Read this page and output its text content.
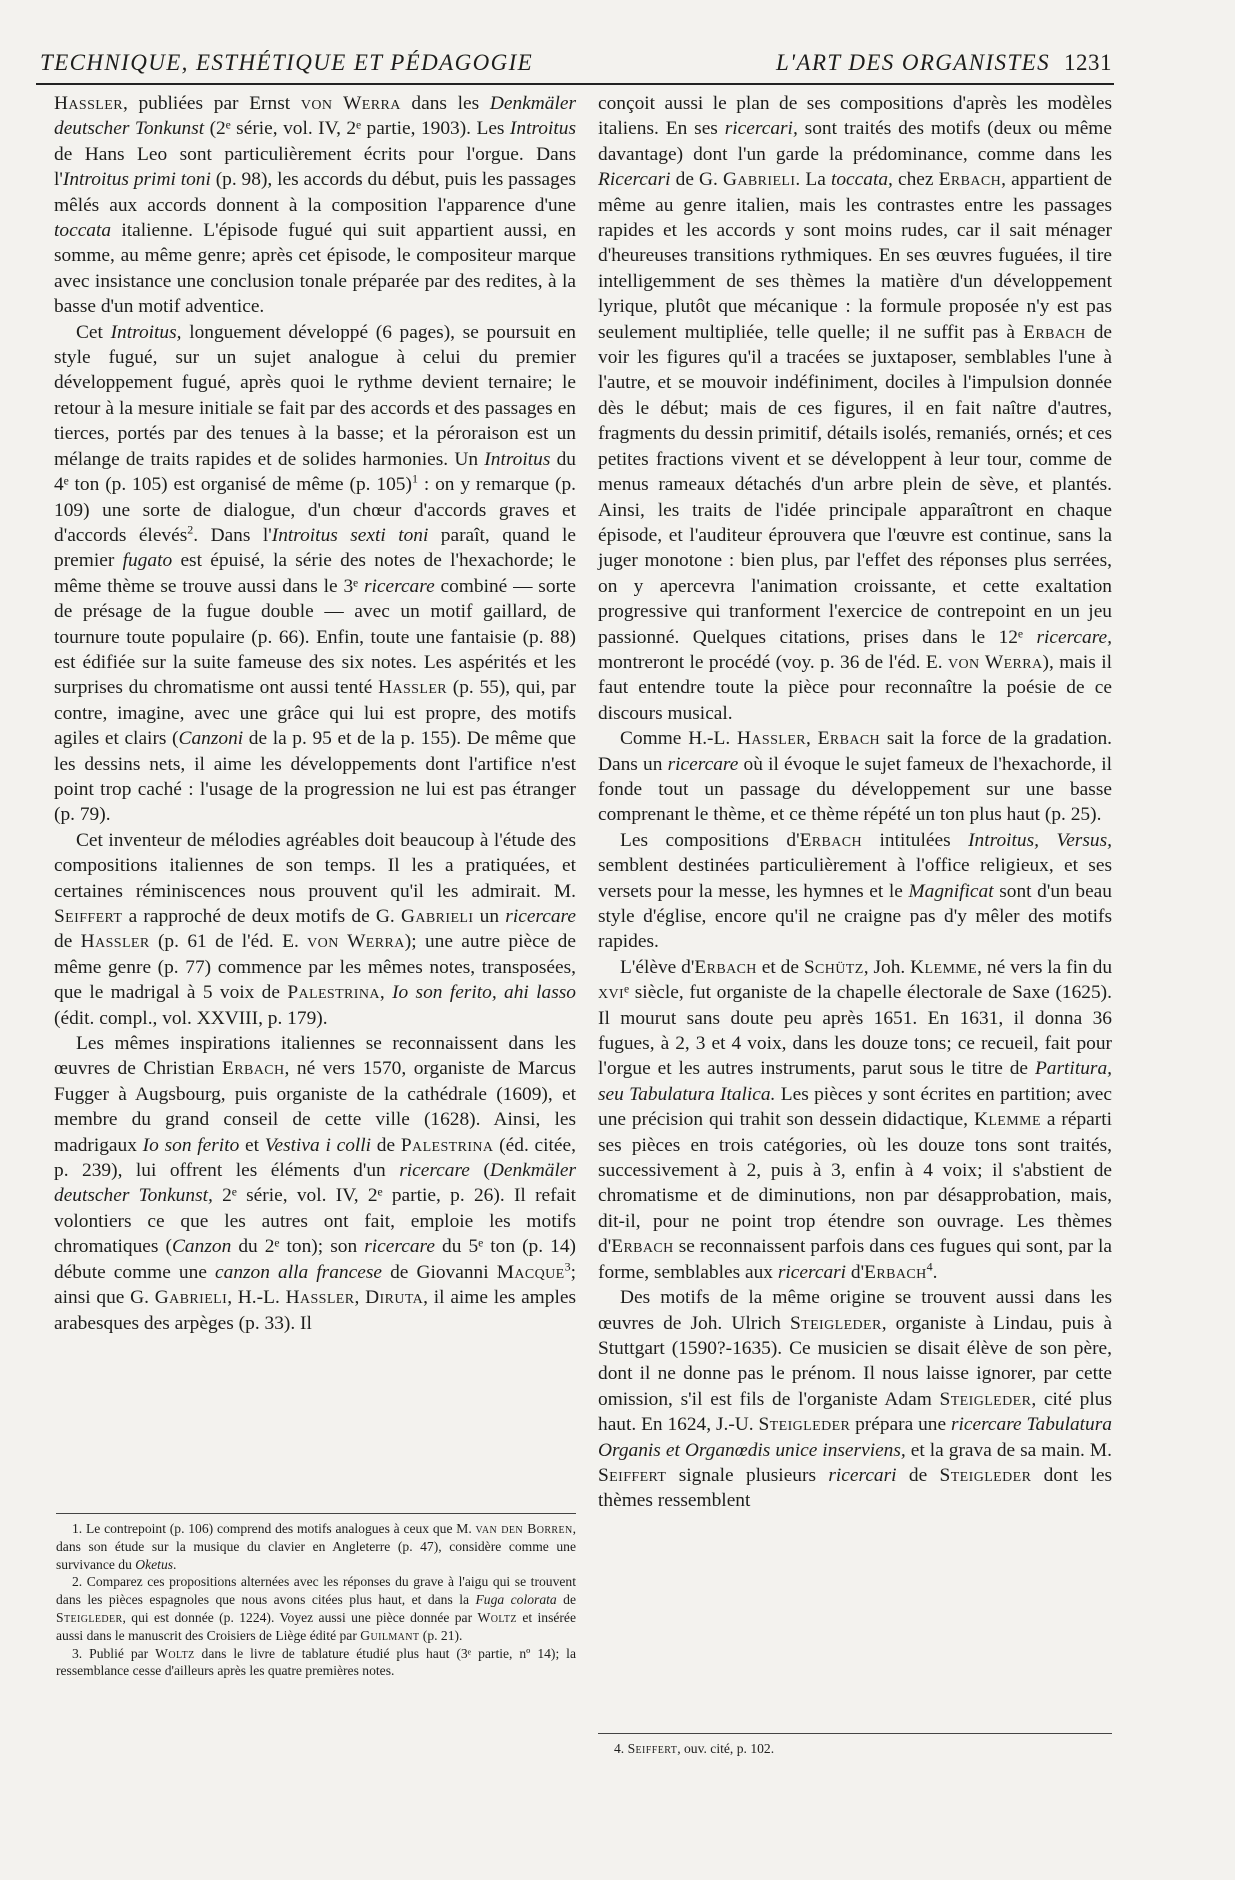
TECHNIQUE, ESTHÉTIQUE ET PÉDAGOGIE	L'ART DES ORGANISTES 1231

Hassler, publiées par Ernst von Werra dans les Denkmäler deutscher Tonkunst (2ᵉ série, vol. IV, 2ᵉ partie, 1903). Les Introitus de Hans Leo sont particulièrement écrits pour l'orgue. Dans l'Introitus primi toni (p. 98), les accords du début, puis les passages mêlés aux accords donnent à la composition l'apparence d'une toccata italienne. L'épisode fugué qui suit appartient aussi, en somme, au même genre; après cet épisode, le compositeur marque avec insistance une conclusion tonale préparée par des redites, à la basse d'un motif adventice.

Cet Introitus, longuement développé (6 pages), se poursuit en style fugué, sur un sujet analogue à celui du premier développement fugué, après quoi le rythme devient ternaire; le retour à la mesure initiale se fait par des accords et des passages en tierces, portés par des tenues à la basse; et la péroraison est un mélange de traits rapides et de solides harmonies. Un Introitus du 4ᵉ ton (p. 105) est organisé de même (p. 105)$^1$ : on y remarque (p. 109) une sorte de dialogue, d'un chœur d'accords graves et d'accords élevés$^2$. Dans l'Introitus sexti toni paraît, quand le premier fugato est épuisé, la série des notes de l'hexachorde; le même thème se trouve aussi dans le 3ᵉ ricercare combiné — sorte de présage de la fugue double — avec un motif gaillard, de tournure toute populaire (p. 66). Enfin, toute une fantaisie (p. 88) est édifiée sur la suite fameuse des six notes. Les aspérités et les surprises du chromatisme ont aussi tenté Hassler (p. 55), qui, par contre, imagine, avec une grâce qui lui est propre, des motifs agiles et clairs (Canzoni de la p. 95 et de la p. 155). De même que les dessins nets, il aime les développements dont l'artifice n'est point trop caché : l'usage de la progression ne lui est pas étranger (p. 79).

Cet inventeur de mélodies agréables doit beaucoup à l'étude des compositions italiennes de son temps. Il les a pratiquées, et certaines réminiscences nous prouvent qu'il les admirait. M. Seiffert a rapproché de deux motifs de G. Gabrieli un ricercare de Hassler (p. 61 de l'éd. E. von Werra); une autre pièce de même genre (p. 77) commence par les mêmes notes, transposées, que le madrigal à 5 voix de Palestrina, Io son ferito, ahi lasso (édit. compl., vol. XXVIII, p. 179).

Les mêmes inspirations italiennes se reconnaissent dans les œuvres de Christian Erbach, né vers 1570, organiste de Marcus Fugger à Augsbourg, puis organiste de la cathédrale (1609), et membre du grand conseil de cette ville (1628). Ainsi, les madrigaux Io son ferito et Vestiva i colli de Palestrina (éd. citée, p. 239), lui offrent les éléments d'un ricercare (Denkmäler deutscher Tonkunst, 2ᵉ série, vol. IV, 2ᵉ partie, p. 26). Il refait volontiers ce que les autres ont fait, emploie les motifs chromatiques (Canzon du 2ᵉ ton); son ricercare du 5ᵉ ton (p. 14) débute comme une canzon alla francese de Giovanni Macque$^3$; ainsi que G. Gabrieli, H.-L. Hassler, Diruta, il aime les amples arabesques des arpèges (p. 33). Il

1. Le contrepoint (p. 106) comprend des motifs analogues à ceux que M. van den Borren, dans son étude sur la musique du clavier en Angleterre (p. 47), considère comme une survivance du Oketus.

2. Comparez ces propositions alternées avec les réponses du grave à l'aigu qui se trouvent dans les pièces espagnoles que nous avons citées plus haut, et dans la Fuga colorata de Steigleder, qui est donnée (p. 1224). Voyez aussi une pièce donnée par Woltz et insérée aussi dans le manuscrit des Croisiers de Liège édité par Guilmant (p. 21).

3. Publié par Woltz dans le livre de tablature étudié plus haut (3ᵉ partie, nº 14); la ressemblance cesse d'ailleurs après les quatre premières notes.

conçoit aussi le plan de ses compositions d'après les modèles italiens. En ses ricercari, sont traités des motifs (deux ou même davantage) dont l'un garde la prédominance, comme dans les Ricercari de G. Gabrieli. La toccata, chez Erbach, appartient de même au genre italien, mais les contrastes entre les passages rapides et les accords y sont moins rudes, car il sait ménager d'heureuses transitions rythmiques. En ses œuvres fuguées, il tire intelligemment de ses thèmes la matière d'un développement lyrique, plutôt que mécanique : la formule proposée n'y est pas seulement multipliée, telle quelle; il ne suffit pas à Erbach de voir les figures qu'il a tracées se juxtaposer, semblables l'une à l'autre, et se mouvoir indéfiniment, dociles à l'impulsion donnée dès le début; mais de ces figures, il en fait naître d'autres, fragments du dessin primitif, détails isolés, remaniés, ornés; et ces petites fractions vivent et se développent à leur tour, comme de menus rameaux détachés d'un arbre plein de sève, et plantés. Ainsi, les traits de l'idée principale apparaîtront en chaque épisode, et l'auditeur éprouvera que l'œuvre est continue, sans la juger monotone : bien plus, par l'effet des réponses plus serrées, on y apercevra l'animation croissante, et cette exaltation progressive qui tranforment l'exercice de contrepoint en un jeu passionné. Quelques citations, prises dans le 12ᵉ ricercare, montreront le procédé (voy. p. 36 de l'éd. E. von Werra), mais il faut entendre toute la pièce pour reconnaître la poésie de ce discours musical.

Comme H.-L. Hassler, Erbach sait la force de la gradation. Dans un ricercare où il évoque le sujet fameux de l'hexachorde, il fonde tout un passage du développement sur une basse comprenant le thème, et ce thème répété un ton plus haut (p. 25).

Les compositions d'Erbach intitulées Introitus, Versus, semblent destinées particulièrement à l'office religieux, et ses versets pour la messe, les hymnes et le Magnificat sont d'un beau style d'église, encore qu'il ne craigne pas d'y mêler des motifs rapides.

L'élève d'Erbach et de Schütz, Joh. Klemme, né vers la fin du xviᵉ siècle, fut organiste de la chapelle électorale de Saxe (1625). Il mourut sans doute peu après 1651. En 1631, il donna 36 fugues, à 2, 3 et 4 voix, dans les douze tons; ce recueil, fait pour l'orgue et les autres instruments, parut sous le titre de Partitura, seu Tabulatura Italica. Les pièces y sont écrites en partition; avec une précision qui trahit son dessein didactique, Klemme a réparti ses pièces en trois catégories, où les douze tons sont traités, successivement à 2, puis à 3, enfin à 4 voix; il s'abstient de chromatisme et de diminutions, non par désapprobation, mais, dit-il, pour ne point trop étendre son ouvrage. Les thèmes d'Erbach se reconnaissent parfois dans ces fugues qui sont, par la forme, semblables aux ricercari d'Erbach$^4$.

Des motifs de la même origine se trouvent aussi dans les œuvres de Joh. Ulrich Steigleder, organiste à Lindau, puis à Stuttgart (1590?-1635). Ce musicien se disait élève de son père, dont il ne donne pas le prénom. Il nous laisse ignorer, par cette omission, s'il est fils de l'organiste Adam Steigleder, cité plus haut. En 1624, J.-U. Steigleder prépara une ricercare Tabulatura Organis et Organœdis unice inserviens, et la grava de sa main. M. Seiffert signale plusieurs ricercari de Steigleder dont les thèmes ressemblent

4. Seiffert, ouv. cité, p. 102.
